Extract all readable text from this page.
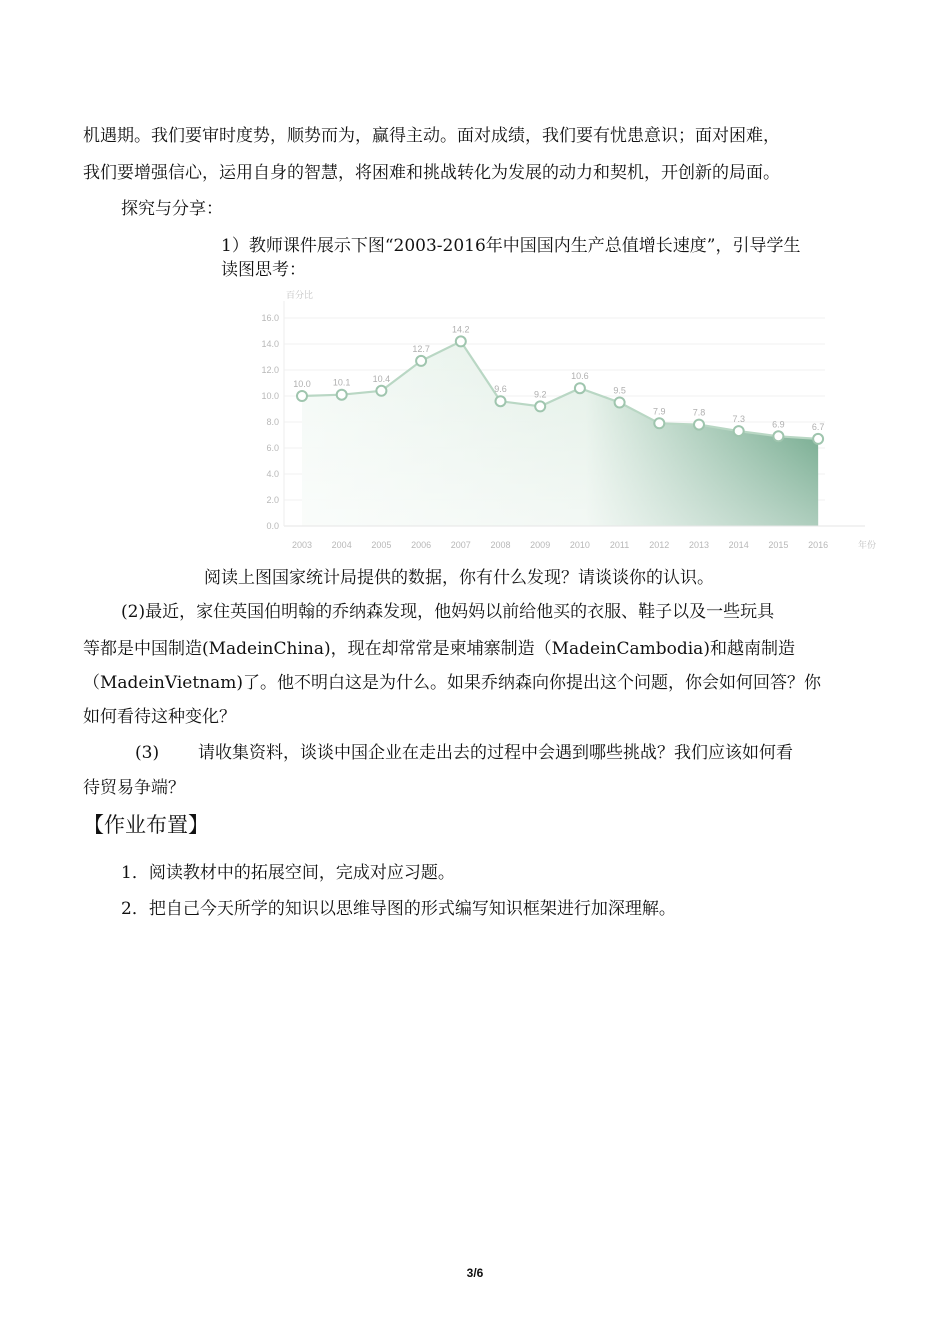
机遇期。我们要审时度势，顺势而为，赢得主动。面对成绩，我们要有忧患意识；面对困难，
我们要增强信心，运用自身的智慧，将困难和挑战转化为发展的动力和契机，开创新的局面。
探究与分享：
1）教师课件展示下图“2003-2016年中国国内生产总值增长速度”，引导学生
读图思考：
10.0 10.1 10.4
12.7
14.2
9.6
9.2
10.6
9.5
7.9	7.8
7.3
6.9	6.7
0.0
2.0
4.0
6.0
8.0
10.0
12.0
14.0
16.0
百分比
2003 2004 2005 2006 2007 2008 2009 2010 2011 2012 2013 2014 2015 2016	年份
阅读上图国家统计局提供的数据，你有什么发现？请谈谈你的认识。
(2)最近，家住英国伯明翰的乔纳森发现，他妈妈以前给他买的衣服、鞋子以及一些玩具
等都是中国制造(MadeinChina)，现在却常常是柬埔寨制造（MadeinCambodia)和越南制造
（MadeinVietnam)了。他不明白这是为什么。如果乔纳森向你提出这个问题，你会如何回答？你
如何看待这种变化？
(3) 请收集资料，谈谈中国企业在走出去的过程中会遇到哪些挑战？我们应该如何看
待贸易争端？
【作业布置】
1．阅读教材中的拓展空间，完成对应习题。
2．把自己今天所学的知识以思维导图的形式编写知识框架进行加深理解。
3/6
